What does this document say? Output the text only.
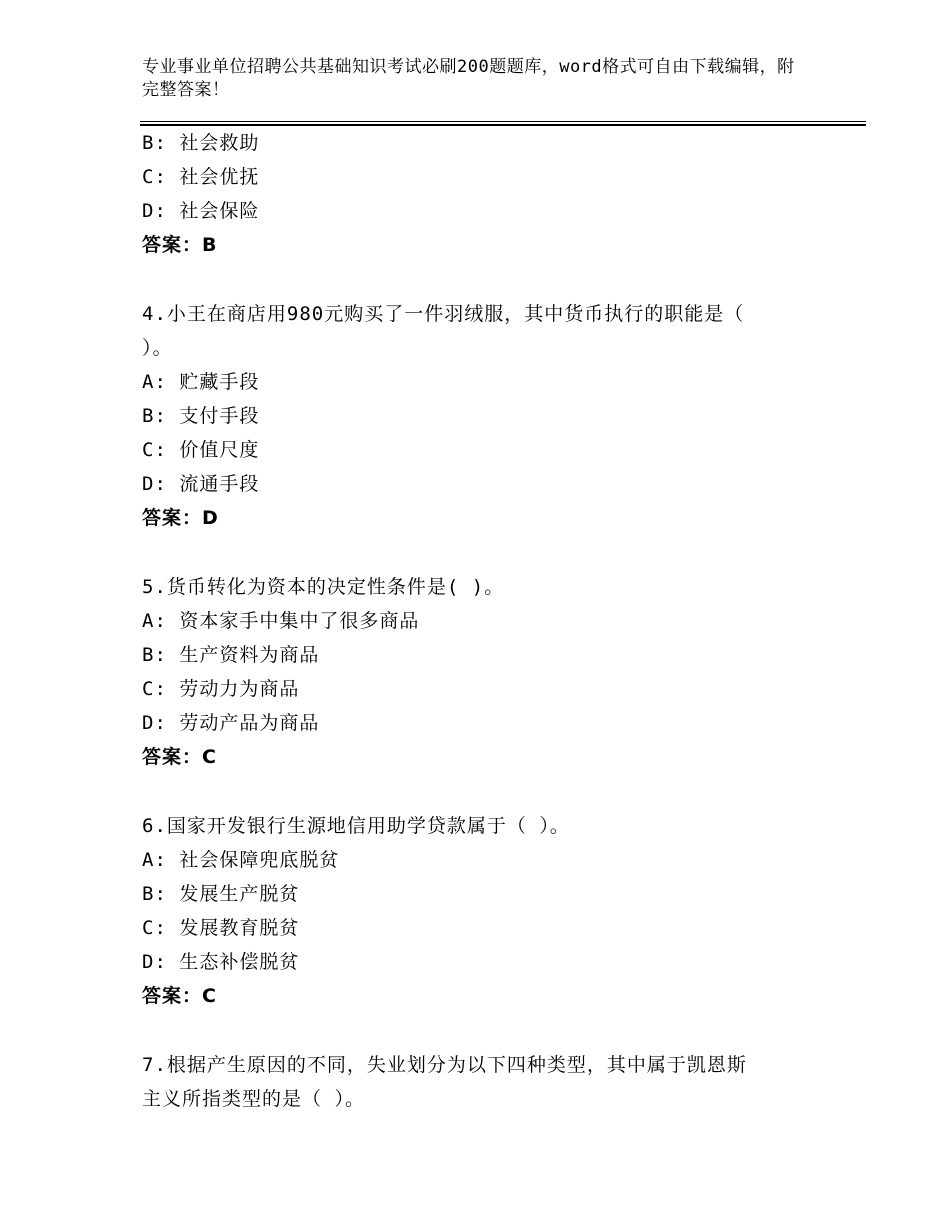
专业事业单位招聘公共基础知识考试必刷200题题库，word格式可自由下载编辑，附完整答案！
B: 社会救助
C: 社会优抚
D: 社会保险
答案：B
4.小王在商店用980元购买了一件羽绒服，其中货币执行的职能是（
）。
A: 贮藏手段
B: 支付手段
C: 价值尺度
D: 流通手段
答案：D
5.货币转化为资本的决定性条件是( )。
A: 资本家手中集中了很多商品
B: 生产资料为商品
C: 劳动力为商品
D: 劳动产品为商品
答案：C
6.国家开发银行生源地信用助学贷款属于（ ）。
A: 社会保障兜底脱贫
B: 发展生产脱贫
C: 发展教育脱贫
D: 生态补偿脱贫
答案：C
7.根据产生原因的不同，失业划分为以下四种类型，其中属于凯恩斯
主义所指类型的是（ ）。
